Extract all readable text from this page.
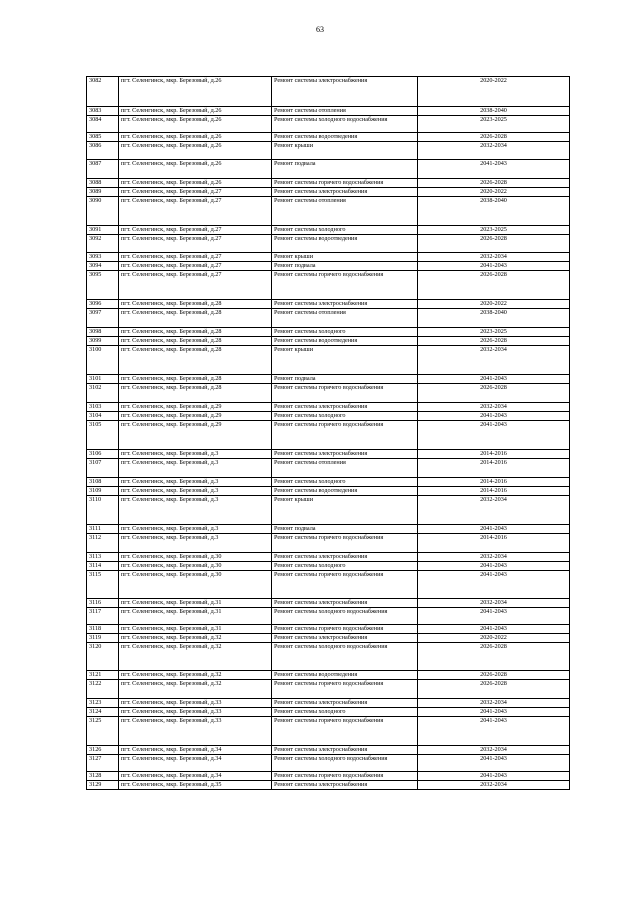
63
3082	пгт. Селенгинск, мкр. Березовый, д.26	Ремонт системы электроснабжения	2020-2022
3083	пгт. Селенгинск, мкр. Березовый, д.26	Ремонт системы отопления	2038-2040
3084	пгт. Селенгинск, мкр. Березовый, д.26	Ремонт системы холодного водоснабжения	2023-2025
3085	пгт. Селенгинск, мкр. Березовый, д.26	Ремонт системы водоотведения	2026-2028
3086	пгт. Селенгинск, мкр. Березовый, д.26	Ремонт крыши	2032-2034
3087	пгт. Селенгинск, мкр. Березовый, д.26	Ремонт подвала	2041-2043
3088	пгт. Селенгинск, мкр. Березовый, д.26	Ремонт системы горячего водоснабжения	2026-2028
3089	пгт. Селенгинск, мкр. Березовый, д.27	Ремонт системы электроснабжения	2020-2022
3090	пгт. Селенгинск, мкр. Березовый, д.27	Ремонт системы отопления	2038-2040
3091	пгт. Селенгинск, мкр. Березовый, д.27	Ремонт системы холодного	2023-2025
3092	пгт. Селенгинск, мкр. Березовый, д.27	Ремонт системы водоотведения	2026-2028
3093	пгт. Селенгинск, мкр. Березовый, д.27	Ремонт крыши	2032-2034
3094	пгт. Селенгинск, мкр. Березовый, д.27	Ремонт подвала	2041-2043
3095	пгт. Селенгинск, мкр. Березовый, д.27	Ремонт системы горячего водоснабжения	2026-2028
3096	пгт. Селенгинск, мкр. Березовый, д.28	Ремонт системы электроснабжения	2020-2022
3097	пгт. Селенгинск, мкр. Березовый, д.28	Ремонт системы отопления	2038-2040
3098	пгт. Селенгинск, мкр. Березовый, д.28	Ремонт системы холодного	2023-2025
3099	пгт. Селенгинск, мкр. Березовый, д.28	Ремонт системы водоотведения	2026-2028
3100	пгт. Селенгинск, мкр. Березовый, д.28	Ремонт крыши	2032-2034
3101	пгт. Селенгинск, мкр. Березовый, д.28	Ремонт подвала	2041-2043
3102	пгт. Селенгинск, мкр. Березовый, д.28	Ремонт системы горячего водоснабжения	2026-2028
3103	пгт. Селенгинск, мкр. Березовый, д.29	Ремонт системы электроснабжения	2032-2034
3104	пгт. Селенгинск, мкр. Березовый, д.29	Ремонт системы холодного	2041-2043
3105	пгт. Селенгинск, мкр. Березовый, д.29	Ремонт системы горячего водоснабжения	2041-2043
3106	пгт. Селенгинск, мкр. Березовый, д.3	Ремонт системы электроснабжения	2014-2016
3107	пгт. Селенгинск, мкр. Березовый, д.3	Ремонт системы отопления	2014-2016
3108	пгт. Селенгинск, мкр. Березовый, д.3	Ремонт системы холодного	2014-2016
3109	пгт. Селенгинск, мкр. Березовый, д.3	Ремонт системы водоотведения	2014-2016
3110	пгт. Селенгинск, мкр. Березовый, д.3	Ремонт крыши	2032-2034
3111	пгт. Селенгинск, мкр. Березовый, д.3	Ремонт подвала	2041-2043
3112	пгт. Селенгинск, мкр. Березовый, д.3	Ремонт системы горячего водоснабжения	2014-2016
3113	пгт. Селенгинск, мкр. Березовый, д.30	Ремонт системы электроснабжения	2032-2034
3114	пгт. Селенгинск, мкр. Березовый, д.30	Ремонт системы холодного	2041-2043
3115	пгт. Селенгинск, мкр. Березовый, д.30	Ремонт системы горячего водоснабжения	2041-2043
3116	пгт. Селенгинск, мкр. Березовый, д.31	Ремонт системы электроснабжения	2032-2034
3117	пгт. Селенгинск, мкр. Березовый, д.31	Ремонт системы холодного водоснабжения	2041-2043
3118	пгт. Селенгинск, мкр. Березовый, д.31	Ремонт системы горячего водоснабжения	2041-2043
3119	пгт. Селенгинск, мкр. Березовый, д.32	Ремонт системы электроснабжения	2020-2022
3120	пгт. Селенгинск, мкр. Березовый, д.32	Ремонт системы холодного водоснабжения	2026-2028
3121	пгт. Селенгинск, мкр. Березовый, д.32	Ремонт системы водоотведения	2026-2028
3122	пгт. Селенгинск, мкр. Березовый, д.32	Ремонт системы горячего водоснабжения	2026-2028
3123	пгт. Селенгинск, мкр. Березовый, д.33	Ремонт системы электроснабжения	2032-2034
3124	пгт. Селенгинск, мкр. Березовый, д.33	Ремонт системы холодного	2041-2043
3125	пгт. Селенгинск, мкр. Березовый, д.33	Ремонт системы горячего водоснабжения	2041-2043
3126	пгт. Селенгинск, мкр. Березовый, д.34	Ремонт системы электроснабжения	2032-2034
3127	пгт. Селенгинск, мкр. Березовый, д.34	Ремонт системы холодного водоснабжения	2041-2043
3128	пгт. Селенгинск, мкр. Березовый, д.34	Ремонт системы горячего водоснабжения	2041-2043
3129	пгт. Селенгинск, мкр. Березовый, д.35	Ремонт системы электроснабжения	2032-2034
